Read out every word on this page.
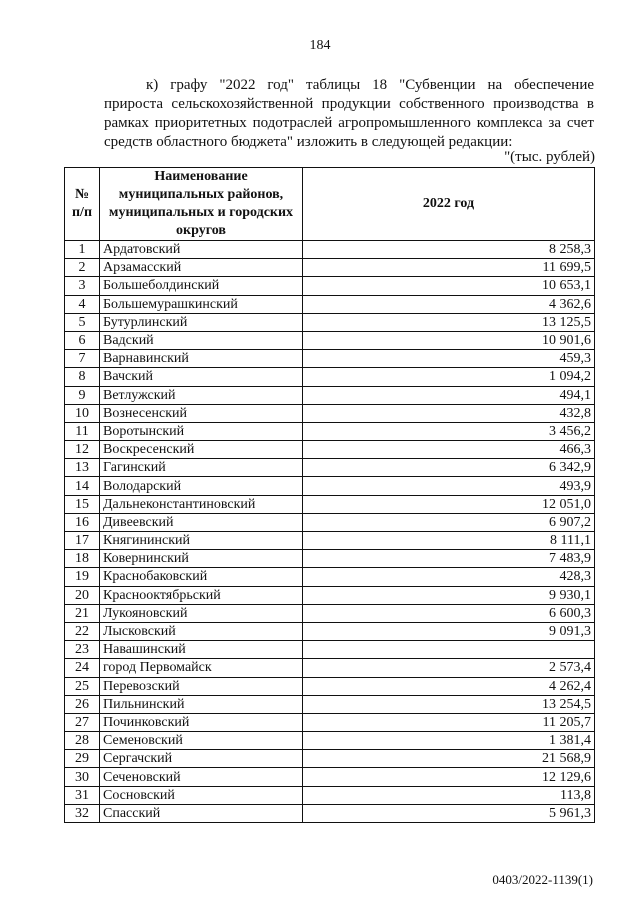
184
к) графу "2022 год" таблицы 18 "Субвенции на обеспечение
прироста сельскохозяйственной продукции собственного производства в
рамках приоритетных подотраслей агропромышленного комплекса за счет
средств областного бюджета" изложить в следующей редакции:
"(тыс. рублей)
№ п/п	Наименование муниципальных районов, муниципальных и городских округов	2022 год
1	Ардатовский	8 258,3
2	Арзамасский	11 699,5
3	Большеболдинский	10 653,1
4	Большемурашкинский	4 362,6
5	Бутурлинский	13 125,5
6	Вадский	10 901,6
7	Варнавинский	459,3
8	Вачский	1 094,2
9	Ветлужский	494,1
10	Вознесенский	432,8
11	Воротынский	3 456,2
12	Воскресенский	466,3
13	Гагинский	6 342,9
14	Володарский	493,9
15	Дальнеконстантиновский	12 051,0
16	Дивеевский	6 907,2
17	Княгининский	8 111,1
18	Ковернинский	7 483,9
19	Краснобаковский	428,3
20	Краснооктябрьский	9 930,1
21	Лукояновский	6 600,3
22	Лысковский	9 091,3
23	Навашинский	
24	город Первомайск	2 573,4
25	Перевозский	4 262,4
26	Пильнинский	13 254,5
27	Починковский	11 205,7
28	Семеновский	1 381,4
29	Сергачский	21 568,9
30	Сеченовский	12 129,6
31	Сосновский	113,8
32	Спасский	5 961,3
0403/2022-1139(1)
